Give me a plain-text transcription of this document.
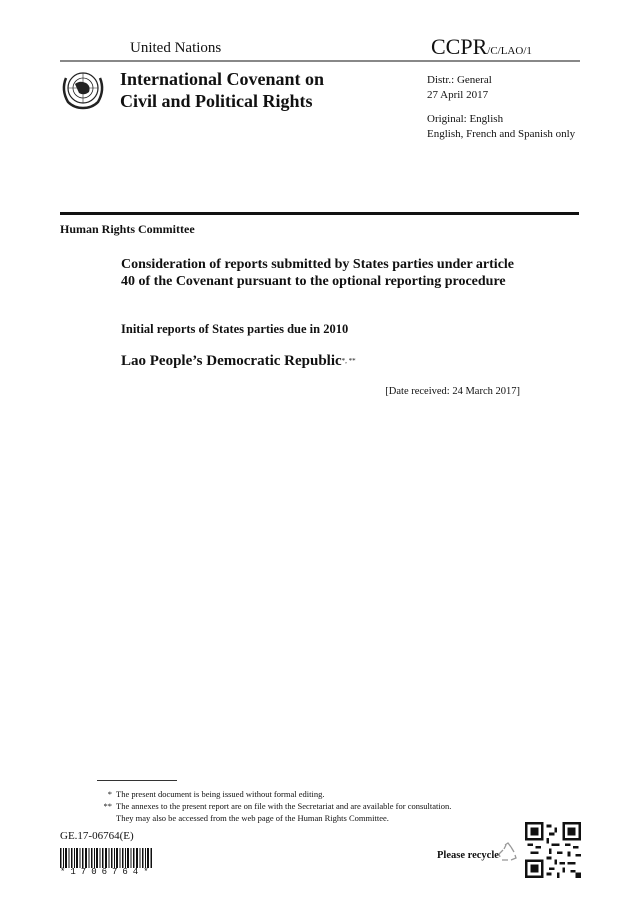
United Nations	CCPR/C/LAO/1
International Covenant on
Civil and Political Rights
Distr.: General
27 April 2017
Original: English
English, French and Spanish only
Human Rights Committee
Consideration of reports submitted by States parties under article 40 of the Covenant pursuant to the optional reporting procedure
Initial reports of States parties due in 2010
Lao People’s Democratic Republic*, **
[Date received: 24 March 2017]
* The present document is being issued without formal editing.
** The annexes to the present report are on file with the Secretariat and are available for consultation.
They may also be accessed from the web page of the Human Rights Committee.
GE.17-06764(E)
*1706764*
Please recycle
